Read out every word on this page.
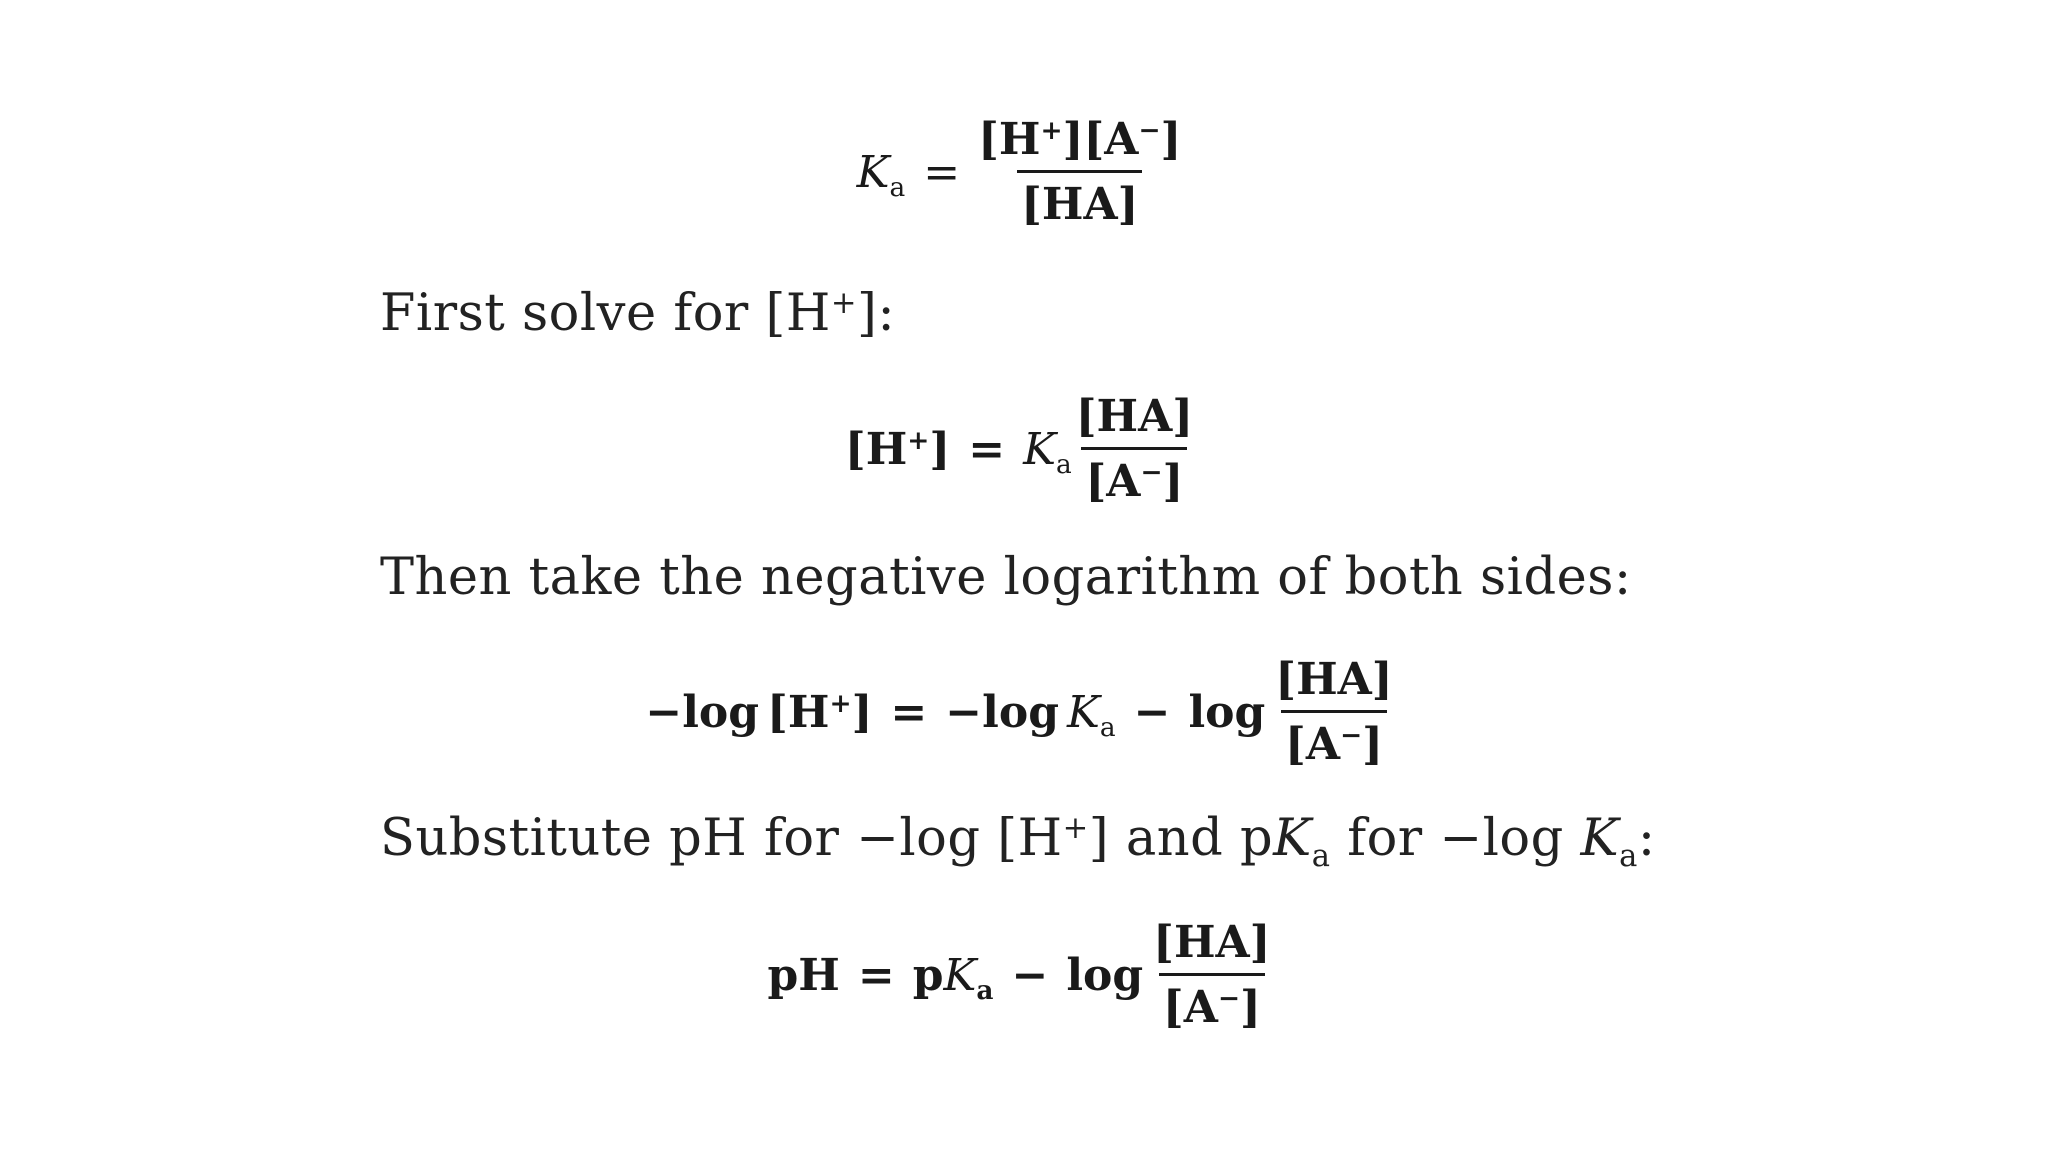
$K_a = \frac{[H^+][A^-]}{[HA]}$
First solve for [H+]:
$[H^+] = K_a \frac{[HA]}{[A^-]}$
Then take the negative logarithm of both sides:
−log [H+] = −log $K_a - \log \frac{[HA]}{[A^-]}$
Substitute pH for −log [H+] and $pK_a$ for −log $K_a$:
pH = $pK_a - \log \frac{[HA]}{[A^-]}$
